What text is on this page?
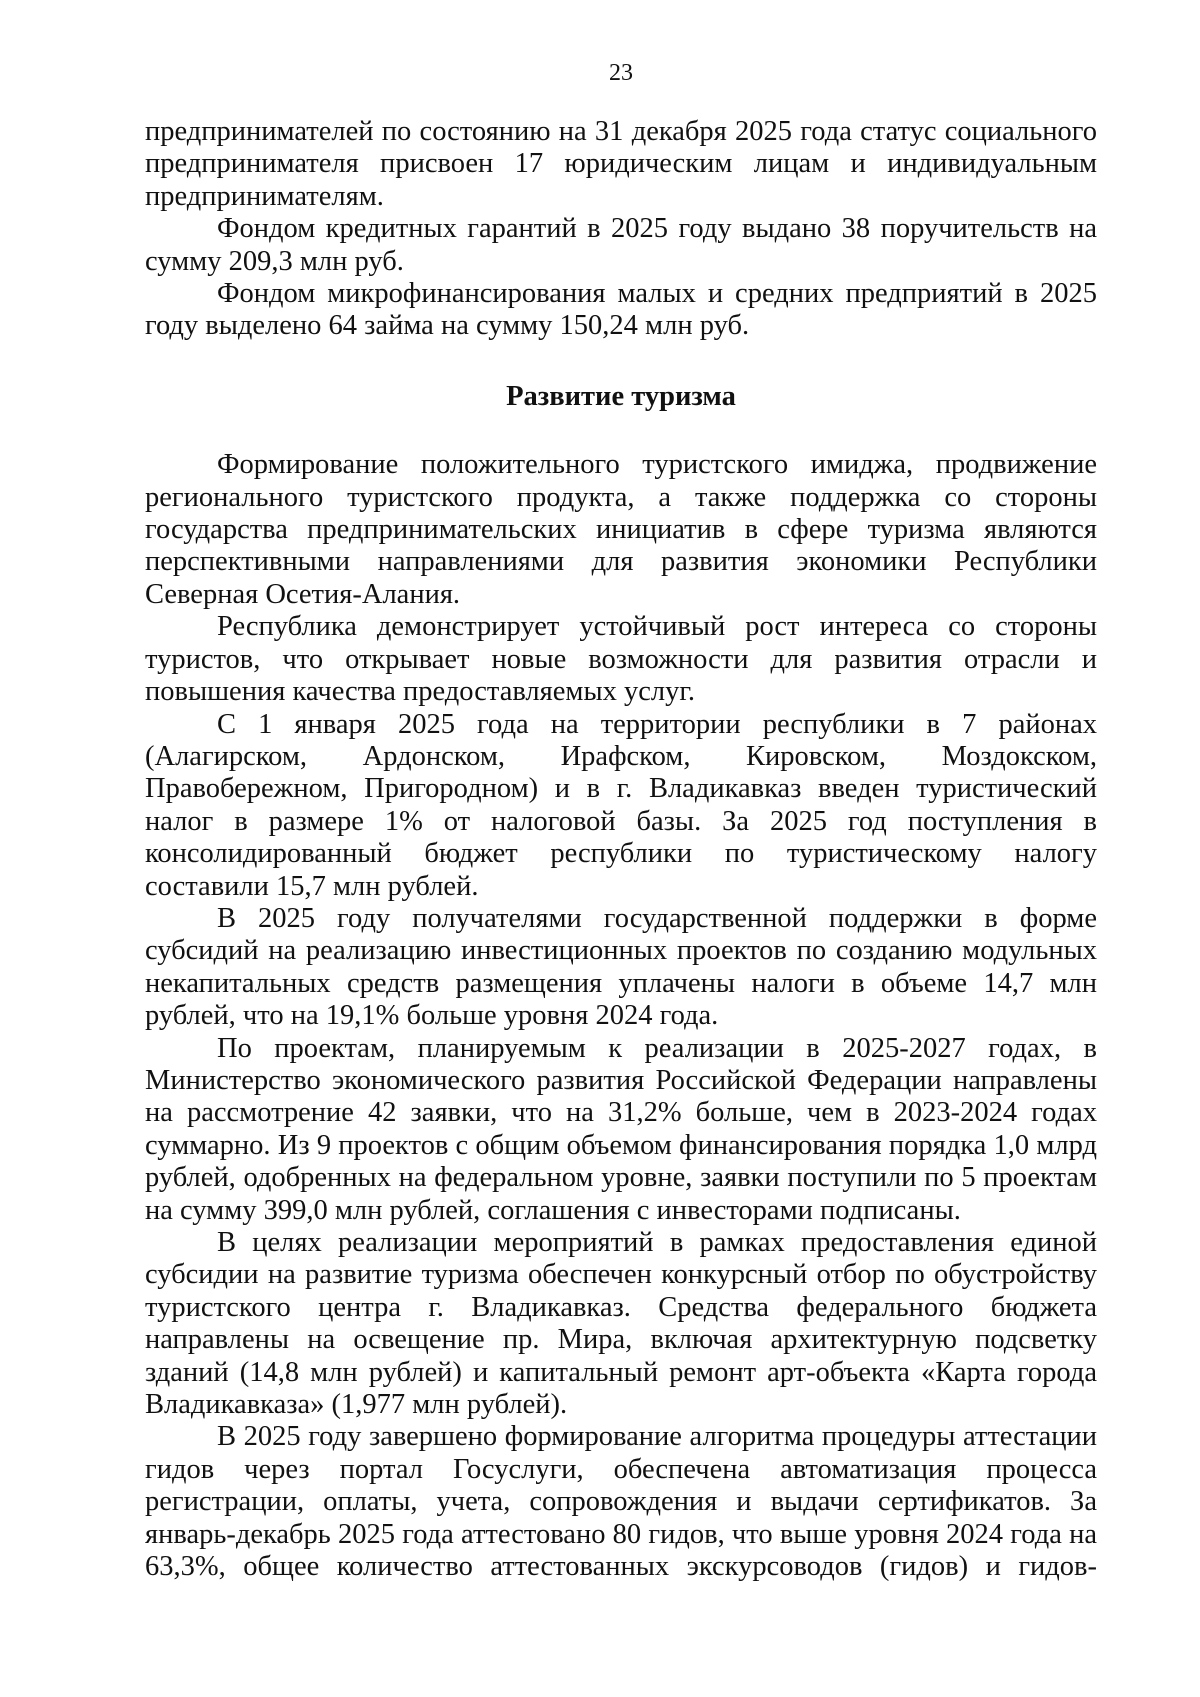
23

предпринимателей по состоянию на 31 декабря 2025 года статус социального предпринимателя присвоен 17 юридическим лицам и индивидуальным предпринимателям.

Фондом кредитных гарантий в 2025 году выдано 38 поручительств на сумму 209,3 млн руб.

Фондом микрофинансирования малых и средних предприятий в 2025 году выделено 64 займа на сумму 150,24 млн руб.

Развитие туризма

Формирование положительного туристского имиджа, продвижение регионального туристского продукта, а также поддержка со стороны государства предпринимательских инициатив в сфере туризма являются перспективными направлениями для развития экономики Республики Северная Осетия-Алания.

Республика демонстрирует устойчивый рост интереса со стороны туристов, что открывает новые возможности для развития отрасли и повышения качества предоставляемых услуг.

С 1 января 2025 года на территории республики в 7 районах (Алагирском, Ардонском, Ирафском, Кировском, Моздокском, Правобережном, Пригородном) и в г. Владикавказ введен туристический налог в размере 1% от налоговой базы. За 2025 год поступления в консолидированный бюджет республики по туристическому налогу составили 15,7 млн рублей.

В 2025 году получателями государственной поддержки в форме субсидий на реализацию инвестиционных проектов по созданию модульных некапитальных средств размещения уплачены налоги в объеме 14,7 млн рублей, что на 19,1% больше уровня 2024 года.

По проектам, планируемым к реализации в 2025-2027 годах, в Министерство экономического развития Российской Федерации направлены на рассмотрение 42 заявки, что на 31,2% больше, чем в 2023-2024 годах суммарно. Из 9 проектов с общим объемом финансирования порядка 1,0 млрд рублей, одобренных на федеральном уровне, заявки поступили по 5 проектам на сумму 399,0 млн рублей, соглашения с инвесторами подписаны.

В целях реализации мероприятий в рамках предоставления единой субсидии на развитие туризма обеспечен конкурсный отбор по обустройству туристского центра г. Владикавказ. Средства федерального бюджета направлены на освещение пр. Мира, включая архитектурную подсветку зданий (14,8 млн рублей) и капитальный ремонт арт-объекта «Карта города Владикавказа» (1,977 млн рублей).

В 2025 году завершено формирование алгоритма процедуры аттестации гидов через портал Госуслуги, обеспечена автоматизация процесса регистрации, оплаты, учета, сопровождения и выдачи сертификатов. За январь-декабрь 2025 года аттестовано 80 гидов, что выше уровня 2024 года на 63,3%, общее количество аттестованных экскурсоводов (гидов) и гидов-
